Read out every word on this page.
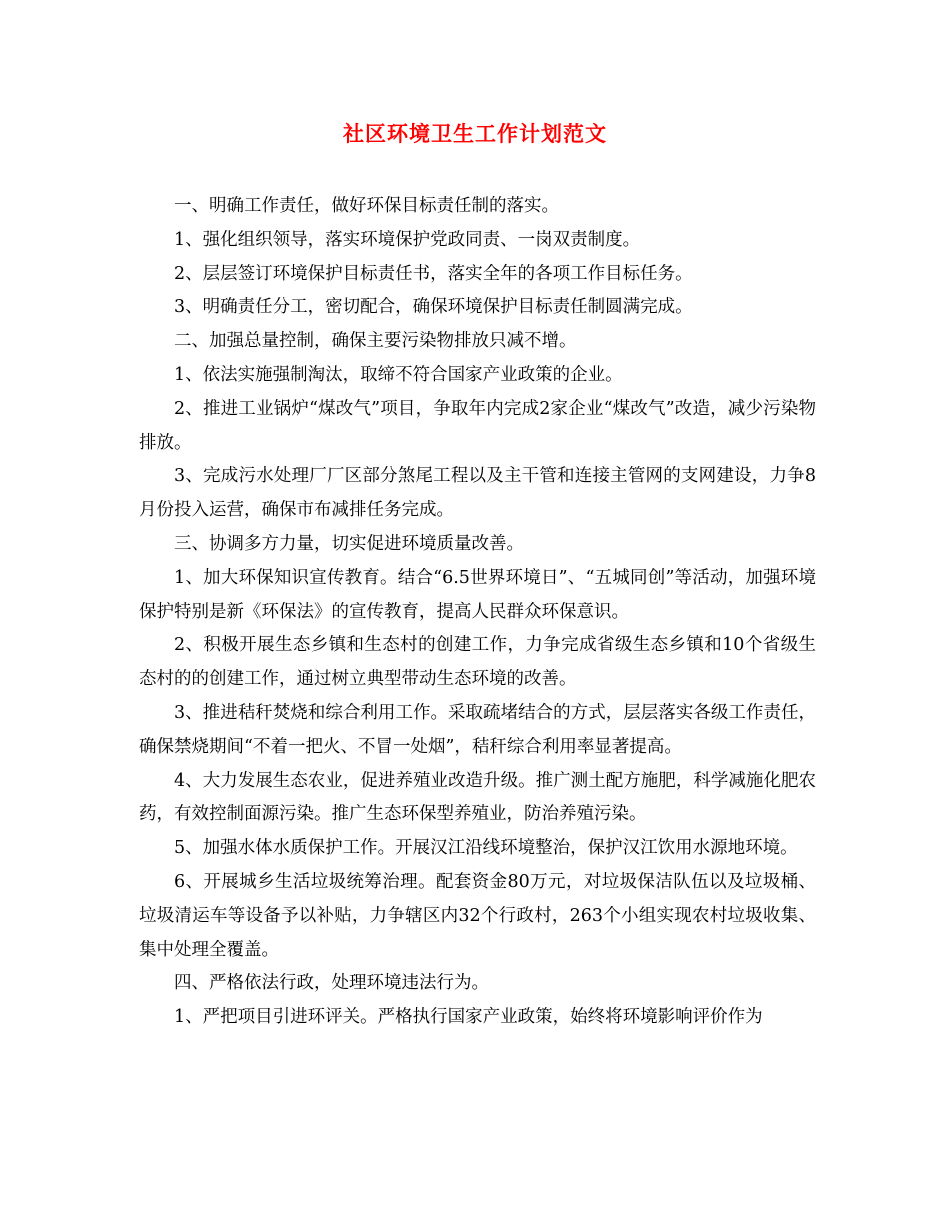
社区环境卫生工作计划范文

一、明确工作责任，做好环保目标责任制的落实。

1、强化组织领导，落实环境保护党政同责、一岗双责制度。

2、层层签订环境保护目标责任书，落实全年的各项工作目标任务。

3、明确责任分工，密切配合，确保环境保护目标责任制圆满完成。

二、加强总量控制，确保主要污染物排放只减不增。

1、依法实施强制淘汰，取缔不符合国家产业政策的企业。

2、推进工业锅炉“煤改气”项目，争取年内完成2家企业“煤改气”改造，减少污染物排放。

3、完成污水处理厂厂区部分煞尾工程以及主干管和连接主管网的支网建设，力争8月份投入运营，确保市布减排任务完成。

三、协调多方力量，切实促进环境质量改善。

1、加大环保知识宣传教育。结合“6.5世界环境日”、“五城同创”等活动，加强环境保护特别是新《环保法》的宣传教育，提高人民群众环保意识。

2、积极开展生态乡镇和生态村的创建工作，力争完成省级生态乡镇和10个省级生态村的的创建工作，通过树立典型带动生态环境的改善。

3、推进秸秆焚烧和综合利用工作。采取疏堵结合的方式，层层落实各级工作责任，确保禁烧期间“不着一把火、不冒一处烟”，秸秆综合利用率显著提高。

4、大力发展生态农业，促进养殖业改造升级。推广测土配方施肥，科学减施化肥农药，有效控制面源污染。推广生态环保型养殖业，防治养殖污染。

5、加强水体水质保护工作。开展汉江沿线环境整治，保护汉江饮用水源地环境。

6、开展城乡生活垃圾统筹治理。配套资金80万元，对垃圾保洁队伍以及垃圾桶、垃圾清运车等设备予以补贴，力争辖区内32个行政村，263个小组实现农村垃圾收集、集中处理全覆盖。

四、严格依法行政，处理环境违法行为。

1、严把项目引进环评关。严格执行国家产业政策，始终将环境影响评价作为
